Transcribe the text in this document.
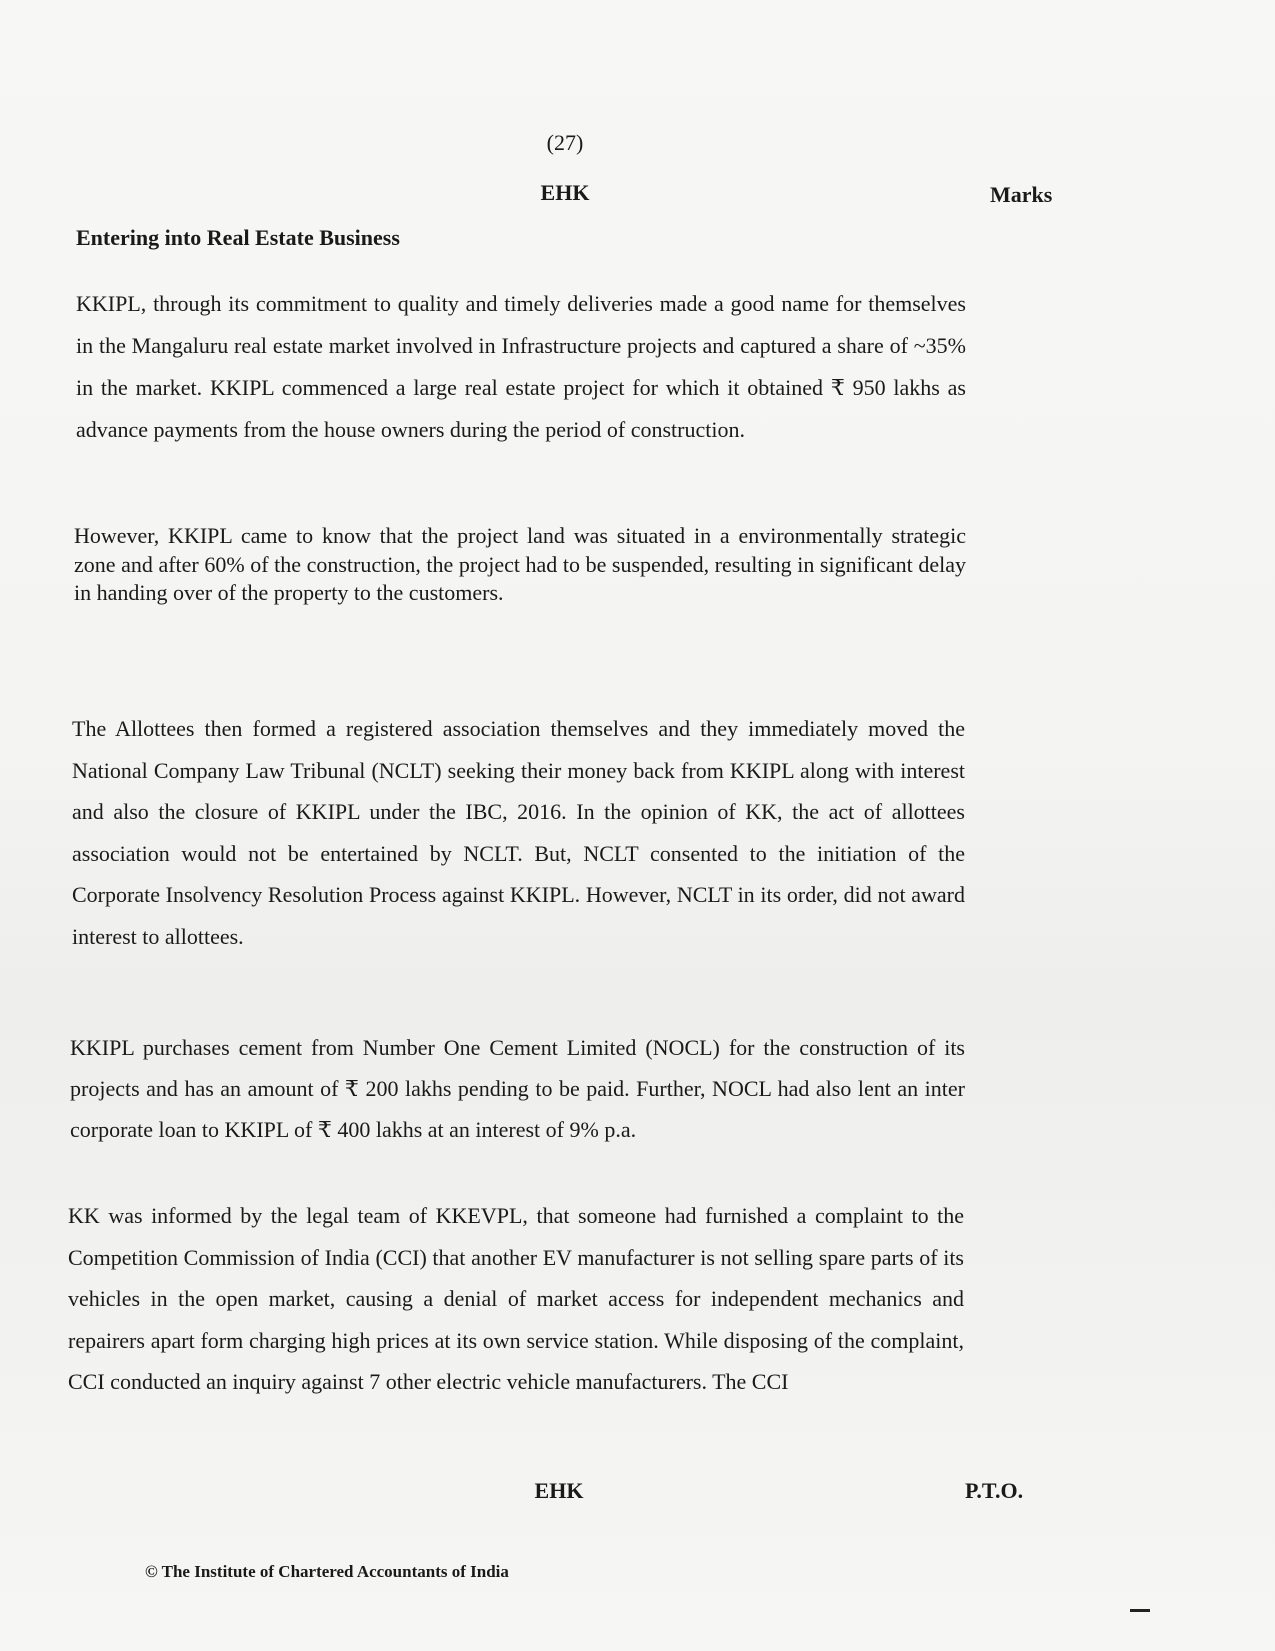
(27)
EHK	Marks
Entering into Real Estate Business

KKIPL, through its commitment to quality and timely deliveries made a good name for themselves in the Mangaluru real estate market involved in Infrastructure projects and captured a share of ~35% in the market. KKIPL commenced a large real estate project for which it obtained ₹ 950 lakhs as advance payments from the house owners during the period of construction.

However, KKIPL came to know that the project land was situated in a environmentally strategic zone and after 60% of the construction, the project had to be suspended, resulting in significant delay in handing over of the property to the customers.

The Allottees then formed a registered association themselves and they immediately moved the National Company Law Tribunal (NCLT) seeking their money back from KKIPL along with interest and also the closure of KKIPL under the IBC, 2016. In the opinion of KK, the act of allottees association would not be entertained by NCLT. But, NCLT consented to the initiation of the Corporate Insolvency Resolution Process against KKIPL. However, NCLT in its order, did not award interest to allottees.

KKIPL purchases cement from Number One Cement Limited (NOCL) for the construction of its projects and has an amount of ₹ 200 lakhs pending to be paid. Further, NOCL had also lent an inter corporate loan to KKIPL of ₹ 400 lakhs at an interest of 9% p.a.

KK was informed by the legal team of KKEVPL, that someone had furnished a complaint to the Competition Commission of India (CCI) that another EV manufacturer is not selling spare parts of its vehicles in the open market, causing a denial of market access for independent mechanics and repairers apart form charging high prices at its own service station. While disposing of the complaint, CCI conducted an inquiry against 7 other electric vehicle manufacturers. The CCI

EHK	P.T.O.
© The Institute of Chartered Accountants of India
